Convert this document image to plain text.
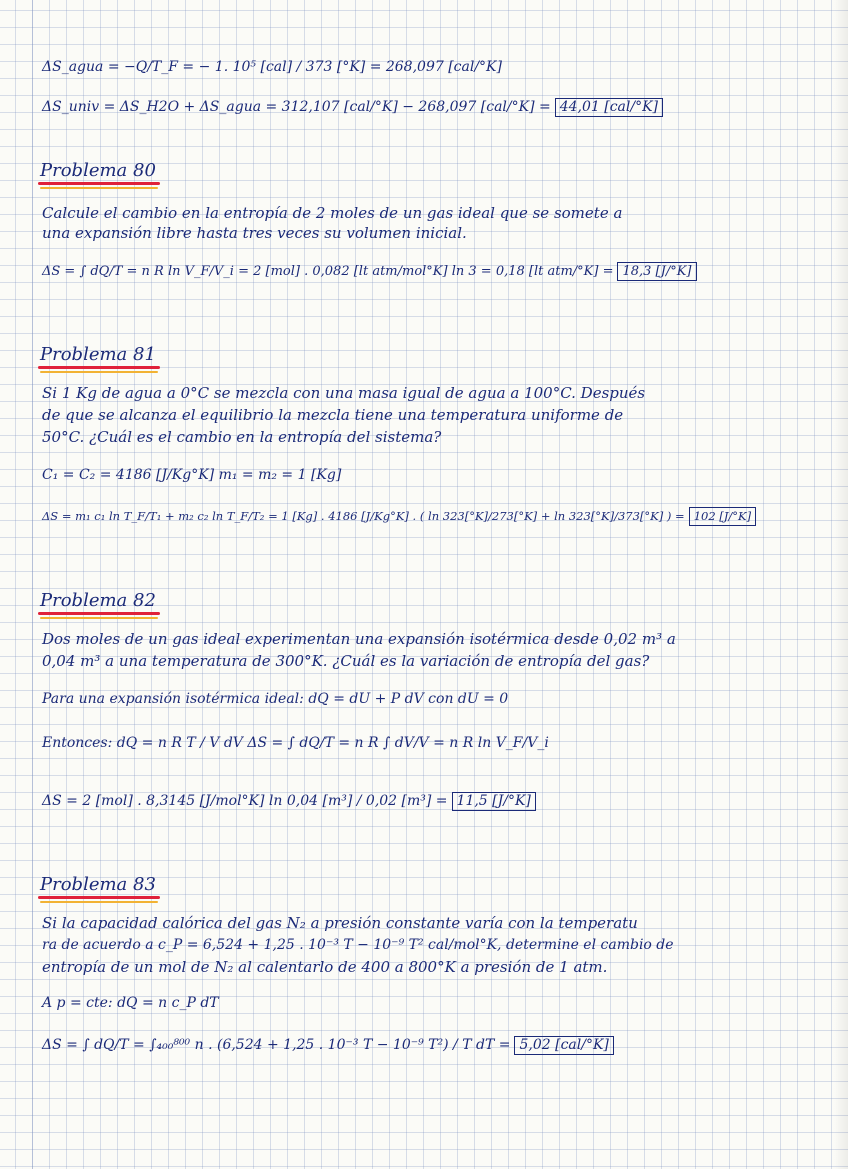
ΔS_agua = −Q/T_F = − 1. 10⁵ [cal] / 373 [°K] = 268,097 [cal/°K]
ΔS_univ = ΔS_H2O + ΔS_agua = 312,107 [cal/°K] − 268,097 [cal/°K] = 44,01 [cal/°K]
Problema 80
Calcule el cambio en la entropía de 2 moles de un gas ideal que se somete a
una expansión libre hasta tres veces su volumen inicial.
ΔS = ∫ dQ/T = n R ln V_F/V_i = 2 [mol] . 0,082 [lt atm/mol°K] ln 3 = 0,18 [lt atm/°K] = 18,3 [J/°K]
Problema 81
Si 1 Kg de agua a 0°C se mezcla con una masa igual de agua a 100°C. Después
de que se alcanza el equilibrio la mezcla tiene una temperatura uniforme de
50°C. ¿Cuál es el cambio en la entropía del sistema?
C₁ = C₂ = 4186 [J/Kg°K] m₁ = m₂ = 1 [Kg]
ΔS = m₁ c₁ ln T_F/T₁ + m₂ c₂ ln T_F/T₂ = 1 [Kg] . 4186 [J/Kg°K] . ( ln 323[°K]/273[°K] + ln 323[°K]/373[°K] ) = 102 [J/°K]
Problema 82
Dos moles de un gas ideal experimentan una expansión isotérmica desde 0,02 m³ a
0,04 m³ a una temperatura de 300°K. ¿Cuál es la variación de entropía del gas?
Para una expansión isotérmica ideal: dQ = dU + P dV con dU = 0
Entonces: dQ = n R T / V dV ΔS = ∫ dQ/T = n R ∫ dV/V = n R ln V_F/V_i
ΔS = 2 [mol] . 8,3145 [J/mol°K] ln 0,04 [m³] / 0,02 [m³] = 11,5 [J/°K]
Problema 83
Si la capacidad calórica del gas N₂ a presión constante varía con la temperatu
ra de acuerdo a c_P = 6,524 + 1,25 . 10⁻³ T − 10⁻⁹ T² cal/mol°K, determine el cambio de
entropía de un mol de N₂ al calentarlo de 400 a 800°K a presión de 1 atm.
A p = cte: dQ = n c_P dT
ΔS = ∫ dQ/T = ∫₄₀₀⁸⁰⁰ n . (6,524 + 1,25 . 10⁻³ T − 10⁻⁹ T²) / T dT = 5,02 [cal/°K]
